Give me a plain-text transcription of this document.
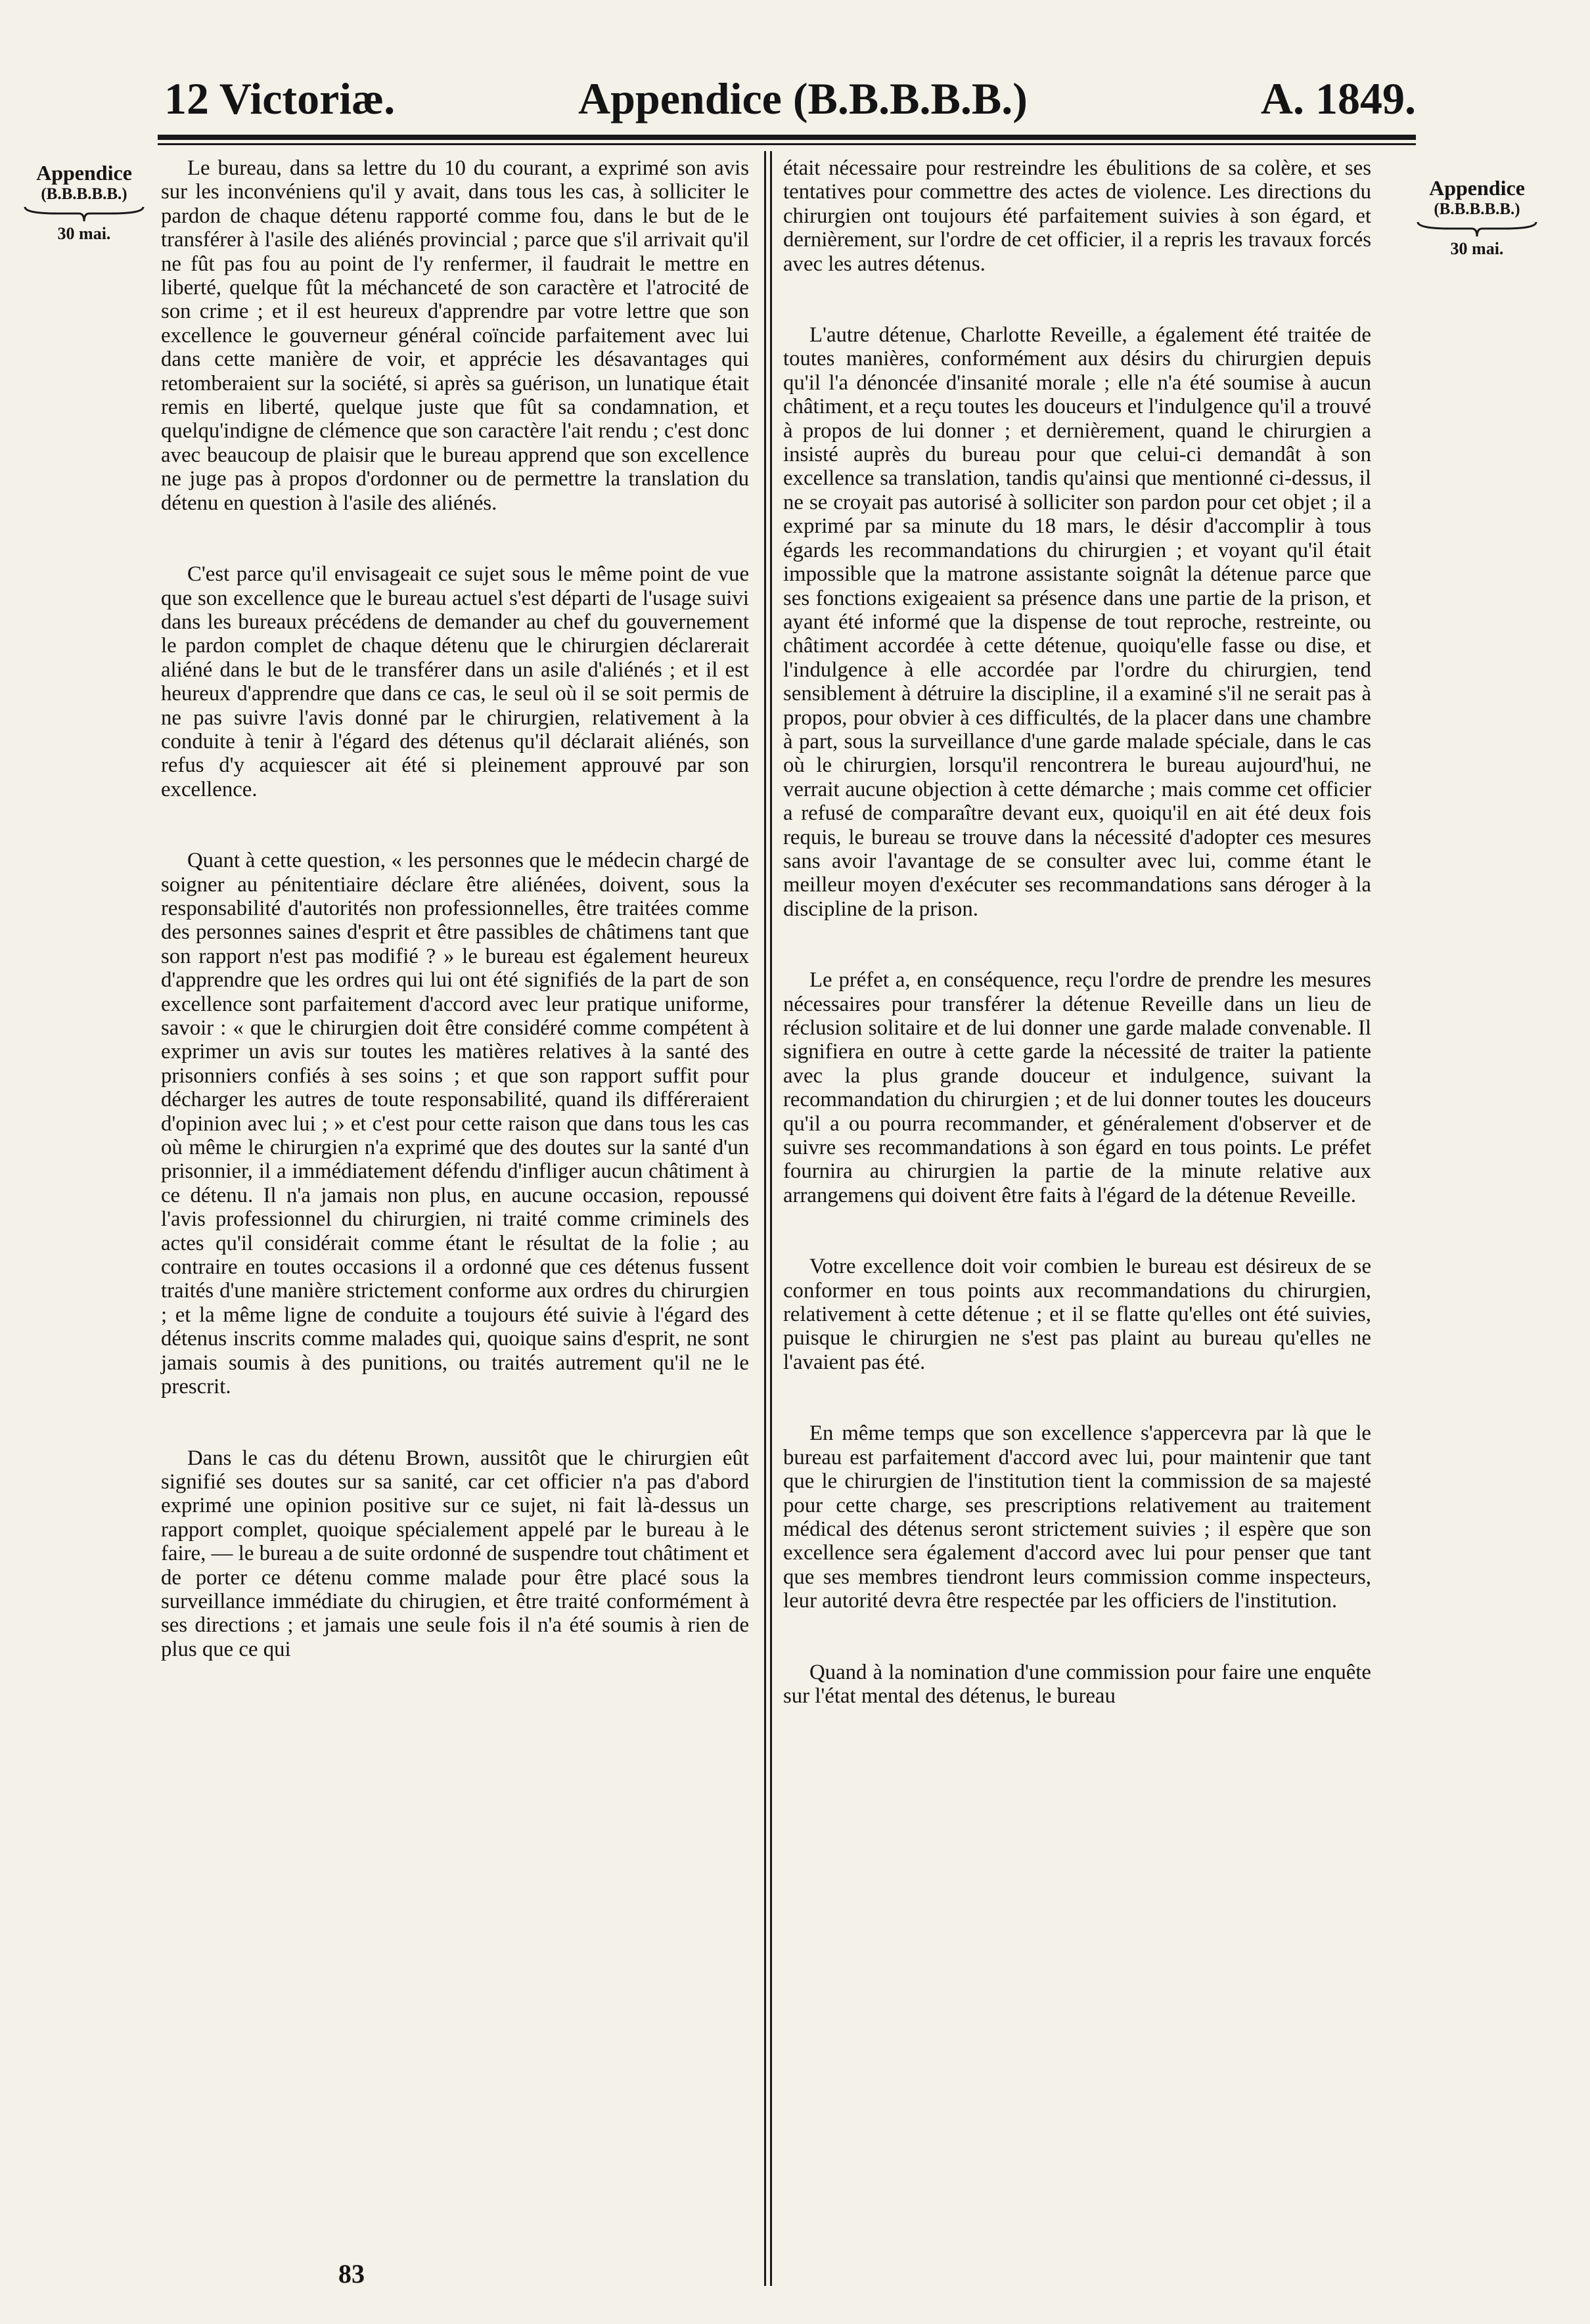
12 Victoriæ.	Appendice (B.B.B.B.B.)	A. 1849.
Appendice
(B.B.B.B.B.)
30 mai.
Appendice
(B.B.B.B.B.)
30 mai.

Le bureau, dans sa lettre du 10 du courant, a exprimé son avis sur les inconvéniens qu'il y avait, dans tous les cas, à solliciter le pardon de chaque détenu rapporté comme fou, dans le but de le transférer à l'asile des aliénés provincial ; parce que s'il arrivait qu'il ne fût pas fou au point de l'y renfermer, il faudrait le mettre en liberté, quelque fût la méchanceté de son caractère et l'atrocité de son crime ; et il est heureux d'apprendre par votre lettre que son excellence le gouverneur général coïncide parfaitement avec lui dans cette manière de voir, et apprécie les désavantages qui retomberaient sur la société, si après sa guérison, un lunatique était remis en liberté, quelque juste que fût sa condamnation, et quelqu'indigne de clémence que son caractère l'ait rendu ; c'est donc avec beaucoup de plaisir que le bureau apprend que son excellence ne juge pas à propos d'ordonner ou de permettre la translation du détenu en question à l'asile des aliénés.

C'est parce qu'il envisageait ce sujet sous le même point de vue que son excellence que le bureau actuel s'est départi de l'usage suivi dans les bureaux précédens de demander au chef du gouvernement le pardon complet de chaque détenu que le chirurgien déclarerait aliéné dans le but de le transférer dans un asile d'aliénés ; et il est heureux d'apprendre que dans ce cas, le seul où il se soit permis de ne pas suivre l'avis donné par le chirurgien, relativement à la conduite à tenir à l'égard des détenus qu'il déclarait aliénés, son refus d'y acquiescer ait été si pleinement approuvé par son excellence.

Quant à cette question, « les personnes que le médecin chargé de soigner au pénitentiaire déclare être aliénées, doivent, sous la responsabilité d'autorités non professionnelles, être traitées comme des personnes saines d'esprit et être passibles de châtimens tant que son rapport n'est pas modifié ? » le bureau est également heureux d'apprendre que les ordres qui lui ont été signifiés de la part de son excellence sont parfaitement d'accord avec leur pratique uniforme, savoir : « que le chirurgien doit être considéré comme compétent à exprimer un avis sur toutes les matières relatives à la santé des prisonniers confiés à ses soins ; et que son rapport suffit pour décharger les autres de toute responsabilité, quand ils différeraient d'opinion avec lui ; » et c'est pour cette raison que dans tous les cas où même le chirurgien n'a exprimé que des doutes sur la santé d'un prisonnier, il a immédiatement défendu d'infliger aucun châtiment à ce détenu. Il n'a jamais non plus, en aucune occasion, repoussé l'avis professionnel du chirurgien, ni traité comme criminels des actes qu'il considérait comme étant le résultat de la folie ; au contraire en toutes occasions il a ordonné que ces détenus fussent traités d'une manière strictement conforme aux ordres du chirurgien ; et la même ligne de conduite a toujours été suivie à l'égard des détenus inscrits comme malades qui, quoique sains d'esprit, ne sont jamais soumis à des punitions, ou traités autrement qu'il ne le prescrit.

Dans le cas du détenu Brown, aussitôt que le chirurgien eût signifié ses doutes sur sa sanité, car cet officier n'a pas d'abord exprimé une opinion positive sur ce sujet, ni fait là-dessus un rapport complet, quoique spécialement appelé par le bureau à le faire, — le bureau a de suite ordonné de suspendre tout châtiment et de porter ce détenu comme malade pour être placé sous la surveillance immédiate du chirugien, et être traité conformément à ses directions ; et jamais une seule fois il n'a été soumis à rien de plus que ce qui

était nécessaire pour restreindre les ébulitions de sa colère, et ses tentatives pour commettre des actes de violence. Les directions du chirurgien ont toujours été parfaitement suivies à son égard, et dernièrement, sur l'ordre de cet officier, il a repris les travaux forcés avec les autres détenus.

L'autre détenue, Charlotte Reveille, a également été traitée de toutes manières, conformément aux désirs du chirurgien depuis qu'il l'a dénoncée d'insanité morale ; elle n'a été soumise à aucun châtiment, et a reçu toutes les douceurs et l'indulgence qu'il a trouvé à propos de lui donner ; et dernièrement, quand le chirurgien a insisté auprès du bureau pour que celui-ci demandât à son excellence sa translation, tandis qu'ainsi que mentionné ci-dessus, il ne se croyait pas autorisé à solliciter son pardon pour cet objet ; il a exprimé par sa minute du 18 mars, le désir d'accomplir à tous égards les recommandations du chirurgien ; et voyant qu'il était impossible que la matrone assistante soignât la détenue parce que ses fonctions exigeaient sa présence dans une partie de la prison, et ayant été informé que la dispense de tout reproche, restreinte, ou châtiment accordée à cette détenue, quoiqu'elle fasse ou dise, et l'indulgence à elle accordée par l'ordre du chirurgien, tend sensiblement à détruire la discipline, il a examiné s'il ne serait pas à propos, pour obvier à ces difficultés, de la placer dans une chambre à part, sous la surveillance d'une garde malade spéciale, dans le cas où le chirurgien, lorsqu'il rencontrera le bureau aujourd'hui, ne verrait aucune objection à cette démarche ; mais comme cet officier a refusé de comparaître devant eux, quoiqu'il en ait été deux fois requis, le bureau se trouve dans la nécessité d'adopter ces mesures sans avoir l'avantage de se consulter avec lui, comme étant le meilleur moyen d'exécuter ses recommandations sans déroger à la discipline de la prison.

Le préfet a, en conséquence, reçu l'ordre de prendre les mesures nécessaires pour transférer la détenue Reveille dans un lieu de réclusion solitaire et de lui donner une garde malade convenable. Il signifiera en outre à cette garde la nécessité de traiter la patiente avec la plus grande douceur et indulgence, suivant la recommandation du chirurgien ; et de lui donner toutes les douceurs qu'il a ou pourra recommander, et généralement d'observer et de suivre ses recommandations à son égard en tous points. Le préfet fournira au chirurgien la partie de la minute relative aux arrangemens qui doivent être faits à l'égard de la détenue Reveille.

Votre excellence doit voir combien le bureau est désireux de se conformer en tous points aux recommandations du chirurgien, relativement à cette détenue ; et il se flatte qu'elles ont été suivies, puisque le chirurgien ne s'est pas plaint au bureau qu'elles ne l'avaient pas été.

En même temps que son excellence s'appercevra par là que le bureau est parfaitement d'accord avec lui, pour maintenir que tant que le chirurgien de l'institution tient la commission de sa majesté pour cette charge, ses prescriptions relativement au traitement médical des détenus seront strictement suivies ; il espère que son excellence sera également d'accord avec lui pour penser que tant que ses membres tiendront leurs commission comme inspecteurs, leur autorité devra être respectée par les officiers de l'institution.

Quand à la nomination d'une commission pour faire une enquête sur l'état mental des détenus, le bureau

83
